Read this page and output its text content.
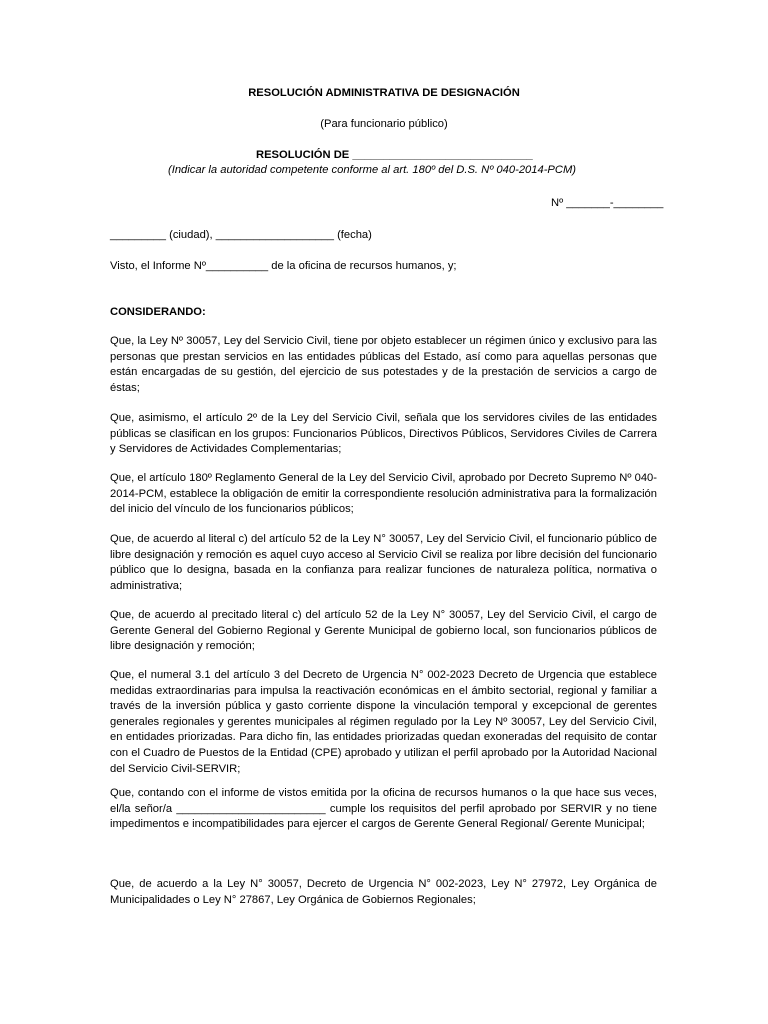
RESOLUCIÓN ADMINISTRATIVA DE DESIGNACIÓN
(Para funcionario público)
RESOLUCIÓN DE _____________________________
(Indicar la autoridad competente conforme al art. 180º del D.S. Nº 040-2014-PCM)
Nº _______-________
_________ (ciudad), ___________________ (fecha)
Visto, el Informe Nº__________ de la oficina de recursos humanos, y;
CONSIDERANDO:
Que, la Ley Nº 30057, Ley del Servicio Civil, tiene por objeto establecer un régimen único y exclusivo para las personas que prestan servicios en las entidades públicas del Estado, así como para aquellas personas que están encargadas de su gestión, del ejercicio de sus potestades y de la prestación de servicios a cargo de éstas;
Que, asimismo, el artículo 2º de la Ley del Servicio Civil, señala que los servidores civiles de las entidades públicas se clasifican en los grupos: Funcionarios Públicos, Directivos Públicos, Servidores Civiles de Carrera y Servidores de Actividades Complementarias;
Que, el artículo 180º Reglamento General de la Ley del Servicio Civil, aprobado por Decreto Supremo Nº 040-2014-PCM, establece la obligación de emitir la correspondiente resolución administrativa para la formalización del inicio del vínculo de los funcionarios públicos;
Que, de acuerdo al literal c) del artículo 52 de la Ley N° 30057, Ley del Servicio Civil, el funcionario público de libre designación y remoción es aquel cuyo acceso al Servicio Civil se realiza por libre decisión del funcionario público que lo designa, basada en la confianza para realizar funciones de naturaleza política, normativa o administrativa;
Que, de acuerdo al precitado literal c) del artículo 52 de la Ley N° 30057, Ley del Servicio Civil, el cargo de Gerente General del Gobierno Regional y Gerente Municipal de gobierno local, son funcionarios públicos de libre designación y remoción;
Que, el numeral 3.1 del artículo 3 del Decreto de Urgencia N° 002-2023 Decreto de Urgencia que establece medidas extraordinarias para impulsa la reactivación económicas en el ámbito sectorial, regional y familiar a través de la inversión pública y gasto corriente dispone la vinculación temporal y excepcional de gerentes generales regionales y gerentes municipales al régimen regulado por la Ley Nº 30057, Ley del Servicio Civil, en entidades priorizadas. Para dicho fin, las entidades priorizadas quedan exoneradas del requisito de contar con el Cuadro de Puestos de la Entidad (CPE) aprobado y utilizan el perfil aprobado por la Autoridad Nacional del Servicio Civil-SERVIR;
Que, contando con el informe de vistos emitida por la oficina de recursos humanos o la que hace sus veces, el/la señor/a ________________________ cumple los requisitos del perfil aprobado por SERVIR y no tiene impedimentos e incompatibilidades para ejercer el cargos de Gerente General Regional/ Gerente Municipal;
Que, de acuerdo a la Ley N° 30057, Decreto de Urgencia N° 002-2023, Ley N° 27972, Ley Orgánica de Municipalidades o Ley N° 27867, Ley Orgánica de Gobiernos Regionales;
